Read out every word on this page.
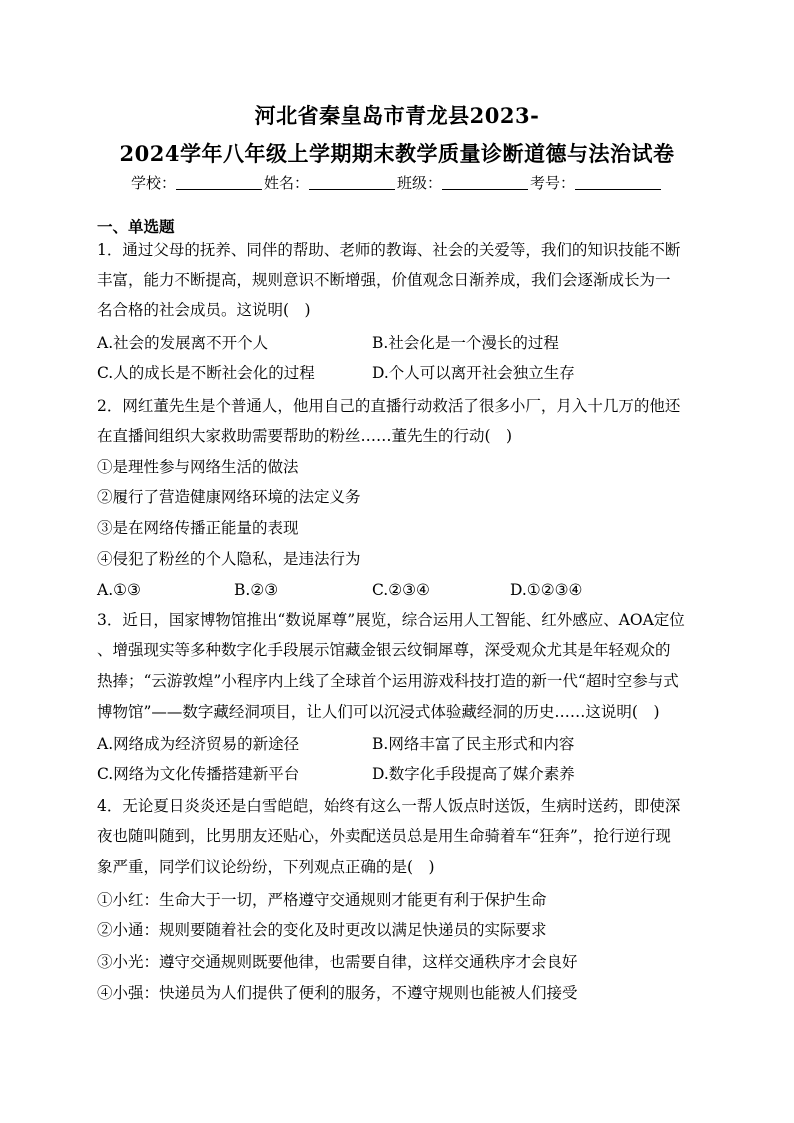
河北省秦皇岛市青龙县2023-
2024学年八年级上学期期末教学质量诊断道德与法治试卷
学校：	姓名：	班级：	考号：
一、单选题
1．通过父母的抚养、同伴的帮助、老师的教诲、社会的关爱等，我们的知识技能不断
丰富，能力不断提高，规则意识不断增强，价值观念日渐养成，我们会逐渐成长为一
名合格的社会成员。这说明(　)
A.社会的发展离不开个人	B.社会化是一个漫长的过程
C.人的成长是不断社会化的过程	D.个人可以离开社会独立生存
2．网红董先生是个普通人，他用自己的直播行动救活了很多小厂，月入十几万的他还
在直播间组织大家救助需要帮助的粉丝……董先生的行动(　)
①是理性参与网络生活的做法
②履行了营造健康网络环境的法定义务
③是在网络传播正能量的表现
④侵犯了粉丝的个人隐私，是违法行为
A.①③	B.②③	C.②③④	D.①②③④
3．近日，国家博物馆推出“数说犀尊”展览，综合运用人工智能、红外感应、AOA定位
、增强现实等多种数字化手段展示馆藏金银云纹铜犀尊，深受观众尤其是年轻观众的
热捧；“云游敦煌”小程序内上线了全球首个运用游戏科技打造的新一代“超时空参与式
博物馆”——数字藏经洞项目，让人们可以沉浸式体验藏经洞的历史……这说明(　)
A.网络成为经济贸易的新途径	B.网络丰富了民主形式和内容
C.网络为文化传播搭建新平台	D.数字化手段提高了媒介素养
4．无论夏日炎炎还是白雪皑皑，始终有这么一帮人饭点时送饭，生病时送药，即使深
夜也随叫随到，比男朋友还贴心，外卖配送员总是用生命骑着车“狂奔”，抢行逆行现
象严重，同学们议论纷纷，下列观点正确的是(　)
①小红：生命大于一切，严格遵守交通规则才能更有利于保护生命
②小通：规则要随着社会的变化及时更改以满足快递员的实际要求
③小光：遵守交通规则既要他律，也需要自律，这样交通秩序才会良好
④小强：快递员为人们提供了便利的服务，不遵守规则也能被人们接受
